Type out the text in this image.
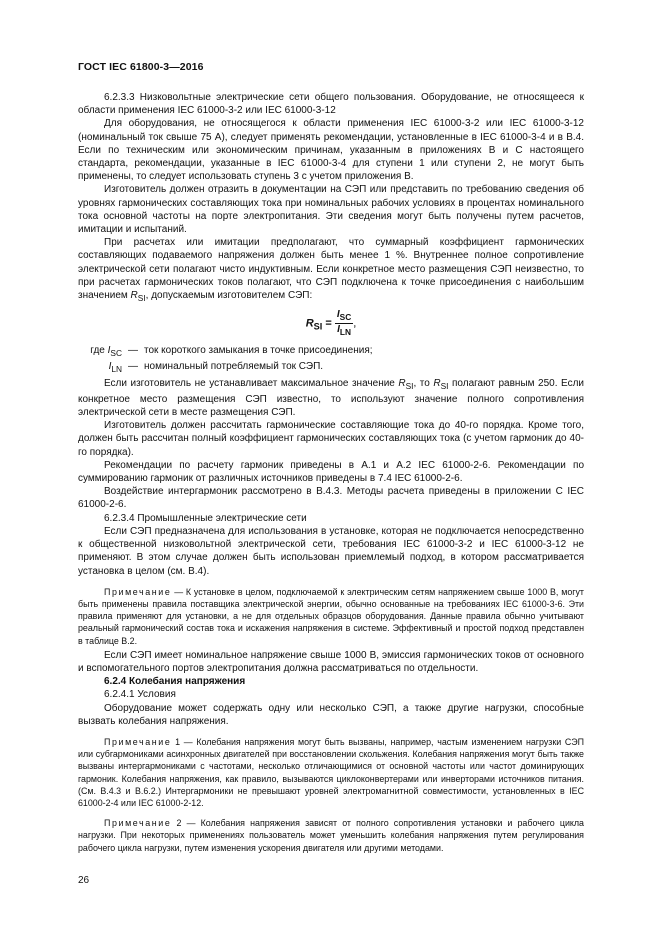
ГОСТ IEC 61800-3—2016

6.2.3.3 Низковольтные электрические сети общего пользования. Оборудование, не относящееся к области применения IEC 61000-3-2 или IEC 61000-3-12

Для оборудования, не относящегося к области применения IEC 61000-3-2 или IEC 61000-3-12 (номинальный ток свыше 75 А), следует применять рекомендации, установленные в IEC 61000-3-4 и в В.4. Если по техническим или экономическим причинам, указанным в приложениях В и С настоящего стандарта, рекомендации, указанные в IEC 61000-3-4 для ступени 1 или ступени 2, не могут быть применены, то следует использовать ступень 3 с учетом приложения В.

Изготовитель должен отразить в документации на СЭП или представить по требованию сведения об уровнях гармонических составляющих тока при номинальных рабочих условиях в процентах номинального тока основной частоты на порте электропитания. Эти сведения могут быть получены путем расчетов, имитации и испытаний.

При расчетах или имитации предполагают, что суммарный коэффициент гармонических составляющих подаваемого напряжения должен быть менее 1 %. Внутреннее полное сопротивление электрической сети полагают чисто индуктивным. Если конкретное место размещения СЭП неизвестно, то при расчетах гармонических токов полагают, что СЭП подключена к точке присоединения с наибольшим значением $R_{SI}$, допускаемым изготовителем СЭП:

$R_{SI} = \frac{I_{SC}}{I_{LN}}$ ,
где $I_{SC}$ — ток короткого замыкания в точке присоединения;
$I_{LN}$ — номинальный потребляемый ток СЭП.

Если изготовитель не устанавливает максимальное значение $R_{SI}$, то $R_{SI}$ полагают равным 250. Если конкретное место размещения СЭП известно, то используют значение полного сопротивления электрической сети в месте размещения СЭП.

Изготовитель должен рассчитать гармонические составляющие тока до 40-го порядка. Кроме того, должен быть рассчитан полный коэффициент гармонических составляющих тока (с учетом гармоник до 40-го порядка).

Рекомендации по расчету гармоник приведены в А.1 и А.2 IEC 61000-2-6. Рекомендации по суммированию гармоник от различных источников приведены в 7.4 IEC 61000-2-6.

Воздействие интергармоник рассмотрено в В.4.3. Методы расчета приведены в приложении С IEC 61000-2-6.

6.2.3.4 Промышленные электрические сети

Если СЭП предназначена для использования в установке, которая не подключается непосредственно к общественной низковольтной электрической сети, требования IEC 61000-3-2 и IEC 61000-3-12 не применяют. В этом случае должен быть использован приемлемый подход, в котором рассматривается установка в целом (см. В.4).

Примечание — К установке в целом, подключаемой к электрическим сетям напряжением свыше 1000 В, могут быть применены правила поставщика электрической энергии, обычно основанные на требованиях IEC 61000-3-6. Эти правила применяют для установки, а не для отдельных образцов оборудования. Данные правила обычно учитывают реальный гармонический состав тока и искажения напряжения в системе. Эффективный и простой подход представлен в таблице В.2.

Если СЭП имеет номинальное напряжение свыше 1000 В, эмиссия гармонических токов от основного и вспомогательного портов электропитания должна рассматриваться по отдельности.

6.2.4 Колебания напряжения

6.2.4.1 Условия

Оборудование может содержать одну или несколько СЭП, а также другие нагрузки, способные вызвать колебания напряжения.

Примечание 1 — Колебания напряжения могут быть вызваны, например, частым изменением нагрузки СЭП или субгармониками асинхронных двигателей при восстановлении скольжения. Колебания напряжения могут быть также вызваны интергармониками с частотами, несколько отличающимися от основной частоты или частот доминирующих гармоник. Колебания напряжения, как правило, вызываются циклоконвертерами или инверторами источников питания. (См. В.4.3 и В.6.2.) Интергармоники не превышают уровней электромагнитной совместимости, установленных в IEC 61000-2-4 или IEC 61000-2-12.

Примечание 2 — Колебания напряжения зависят от полного сопротивления установки и рабочего цикла нагрузки. При некоторых применениях пользователь может уменьшить колебания напряжения путем регулирования рабочего цикла нагрузки, путем изменения ускорения двигателя или другими методами.

26
